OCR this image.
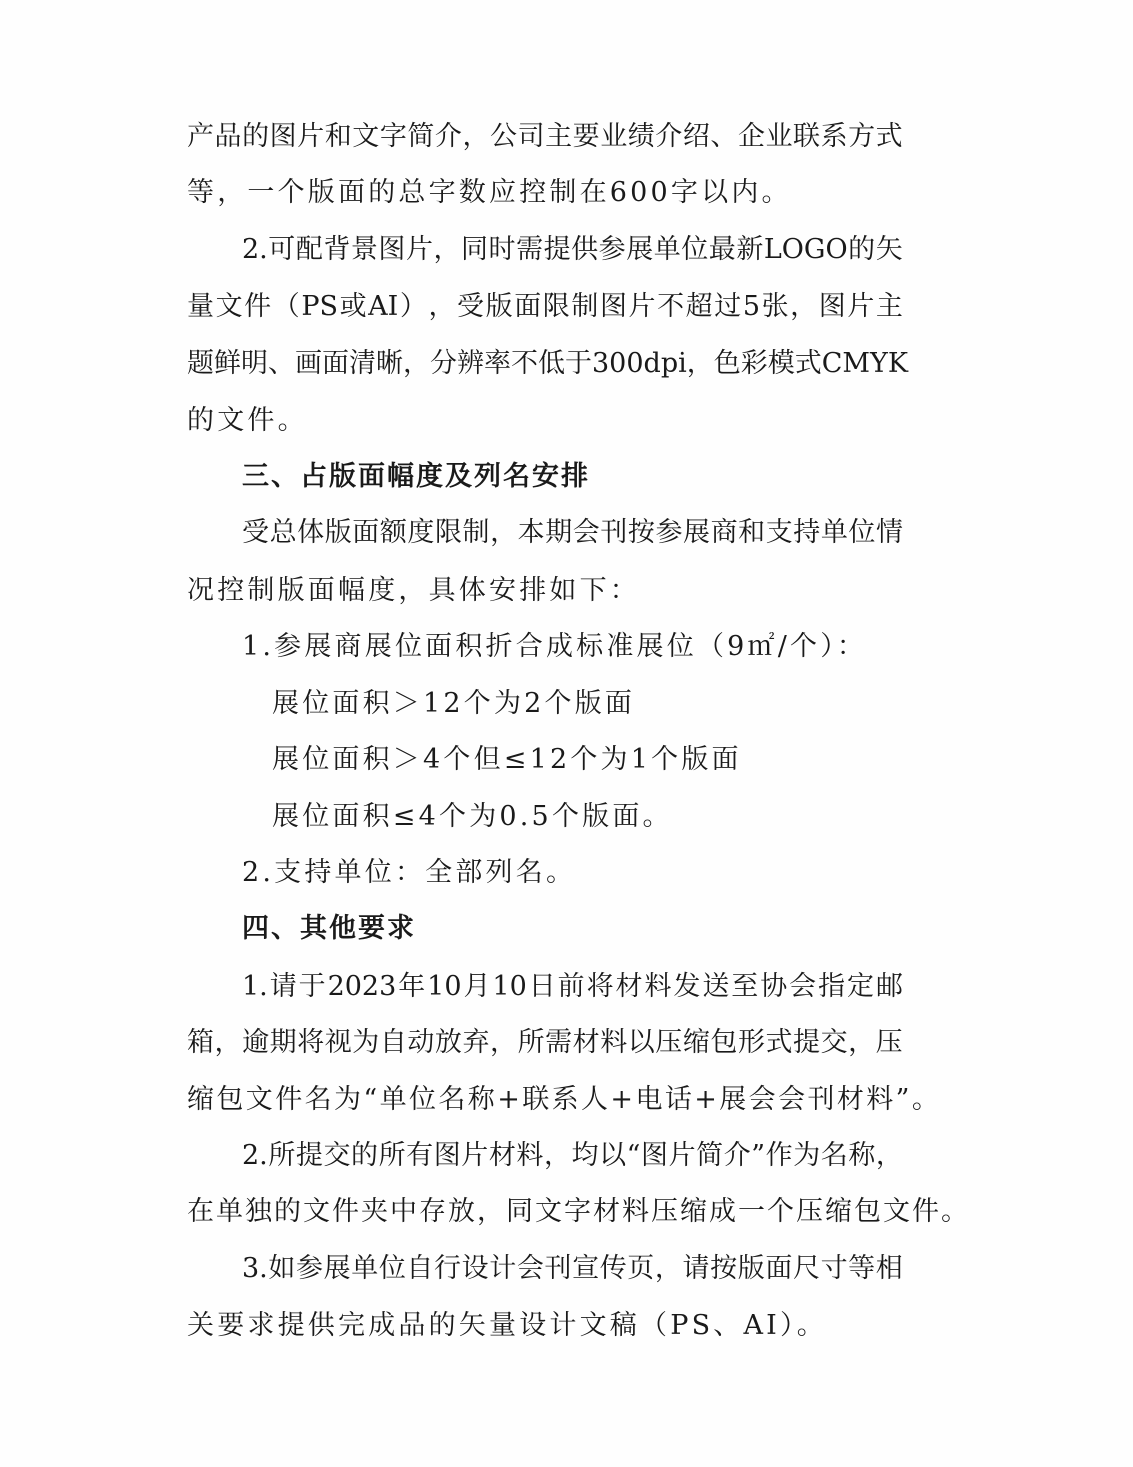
产 品 的 图 片 和 文 字 简 介 ， 公 司 主 要 业 绩 介 绍 、 企 业 联 系 方 式
等，一个版面的总字数应控制在600字以内。
2. 可 配 背 景 图 片 ， 同 时 需 提 供 参 展 单 位 最 新 LOGO 的 矢
量 文 件 （ PS 或 AI ） ， 受 版 面 限 制 图 片 不 超 过 5 张 ， 图 片 主
题 鲜 明 、 画 面 清 晰 ， 分 辨 率 不 低 于 300dpi ， 色 彩 模 式 CMYK
的文件。
三、占版面幅度及列名安排
受 总 体 版 面 额 度 限 制 ， 本 期 会 刊 按 参 展 商 和 支 持 单 位 情
况控制版面幅度，具体安排如下：
1.参展商展位面积折合成标准展位（9㎡/个）：
展位面积＞12个为2个版面
展位面积＞4个但≤12个为1个版面
展位面积≤4个为0.5个版面。
2.支持单位：全部列名。
四、其他要求
1. 请 于 2023 年 10 月 10 日 前 将 材 料 发 送 至 协 会 指 定 邮
箱 ， 逾 期 将 视 为 自 动 放 弃 ， 所 需 材 料 以 压 缩 包 形 式 提 交 ， 压
缩包文件名为“单位名称+联系人+电话+展会会刊材料”。
2. 所 提 交 的 所 有 图 片 材 料 ， 均 以 “ 图 片 简 介 ” 作 为 名 称 ，
在单独的文件夹中存放，同文字材料压缩成一个压缩包文件。
3. 如 参 展 单 位 自 行 设 计 会 刊 宣 传 页 ， 请 按 版 面 尺 寸 等 相
关要求提供完成品的矢量设计文稿（PS、AI）。
